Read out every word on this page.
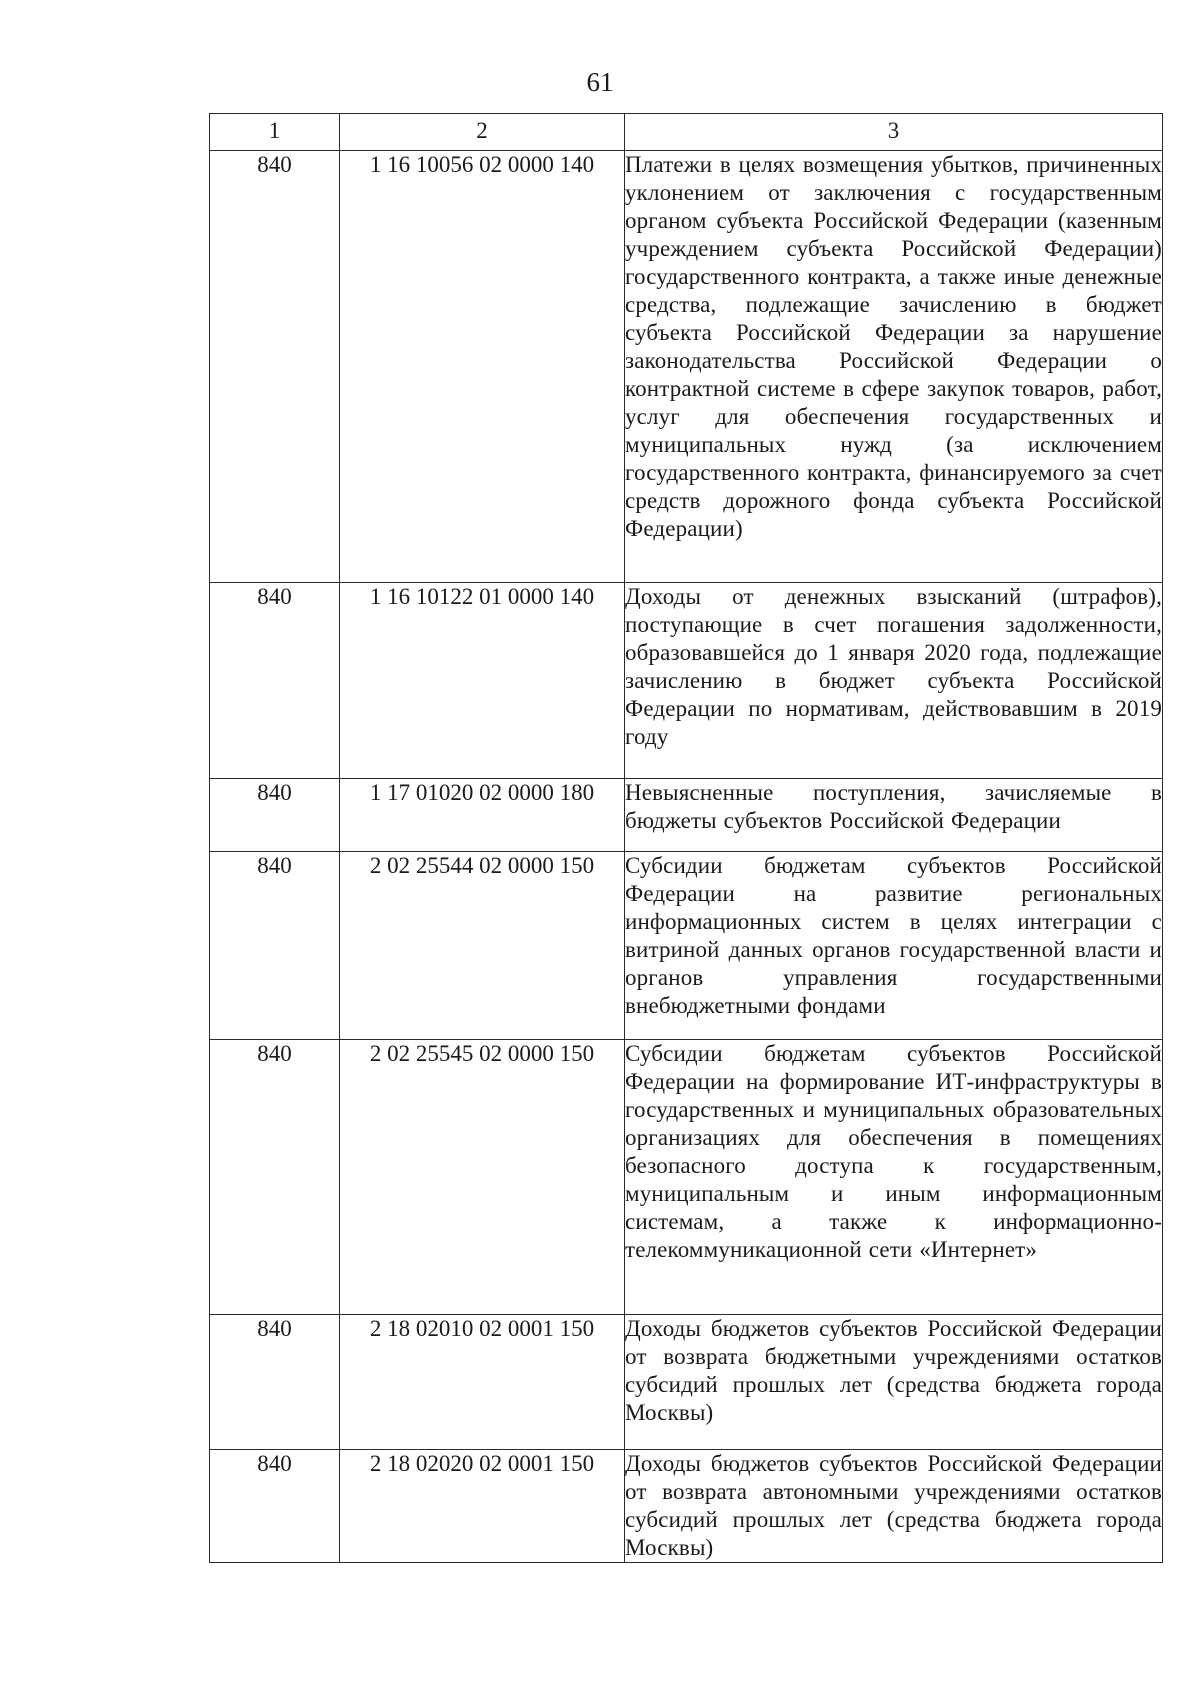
61
1	2	3
840	1 16 10056 02 0000 140	Платежи в целях возмещения убытков, причиненных уклонением от заключения с государственным органом субъекта Российской Федерации (казенным учреждением субъекта Российской Федерации) государственного контракта, а также иные денежные средства, подлежащие зачислению в бюджет субъекта Российской Федерации за нарушение законодательства Российской Федерации о контрактной системе в сфере закупок товаров, работ, услуг для обеспечения государственных и муниципальных нужд (за исключением государственного контракта, финансируемого за счет средств дорожного фонда субъекта Российской Федерации)
840	1 16 10122 01 0000 140	Доходы от денежных взысканий (штрафов), поступающие в счет погашения задолженности, образовавшейся до 1 января 2020 года, подлежащие зачислению в бюджет субъекта Российской Федерации по нормативам, действовавшим в 2019 году
840	1 17 01020 02 0000 180	Невыясненные поступления, зачисляемые в бюджеты субъектов Российской Федерации
840	2 02 25544 02 0000 150	Субсидии бюджетам субъектов Российской Федерации на развитие региональных информационных систем в целях интеграции с витриной данных органов государственной власти и органов управления государственными внебюджетными фондами
840	2 02 25545 02 0000 150	Субсидии бюджетам субъектов Российской Федерации на формирование ИТ-инфраструктуры в государственных и муниципальных образовательных организациях для обеспечения в помещениях безопасного доступа к государственным, муниципальным и иным информационным системам, а также к информационно-телекоммуникационной сети «Интернет»
840	2 18 02010 02 0001 150	Доходы бюджетов субъектов Российской Федерации от возврата бюджетными учреждениями остатков субсидий прошлых лет (средства бюджета города Москвы)
840	2 18 02020 02 0001 150	Доходы бюджетов субъектов Российской Федерации от возврата автономными учреждениями остатков субсидий прошлых лет (средства бюджета города Москвы)
